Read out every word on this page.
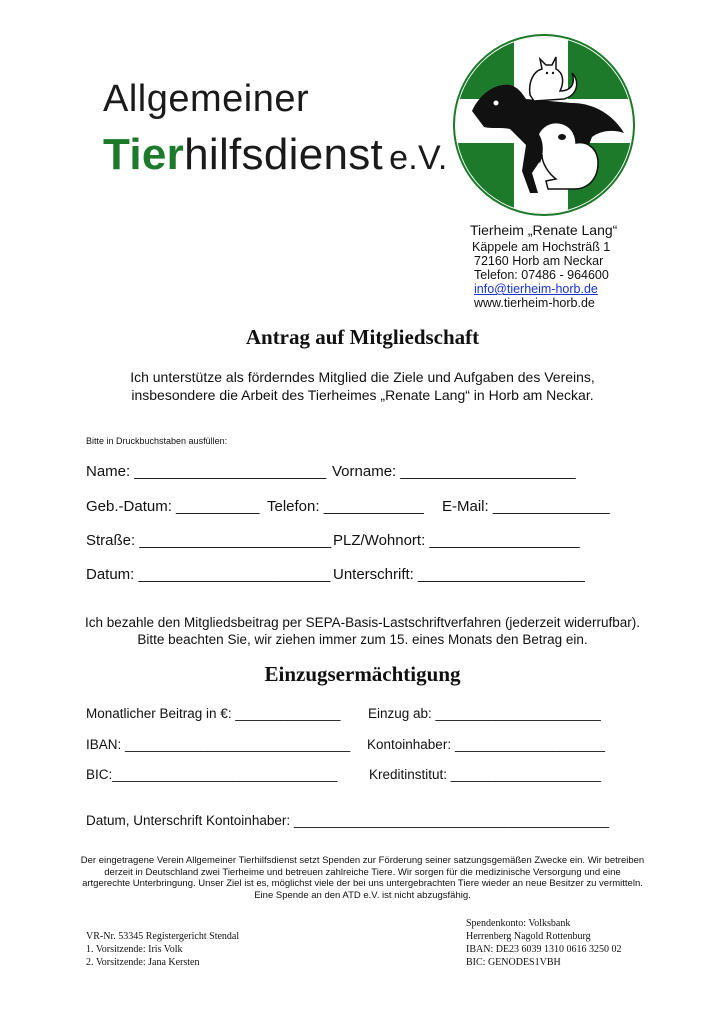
Allgemeiner
Tierhilfsdienst e.V.
Tierheim „Renate Lang“
Käppele am Hochsträß 1
72160 Horb am Neckar
Telefon: 07486 - 964600
info@tierheim-horb.de
www.tierheim-horb.de
Antrag auf Mitgliedschaft
Ich unterstütze als förderndes Mitglied die Ziele und Aufgaben des Vereins,
insbesondere die Arbeit des Tierheimes „Renate Lang“ in Horb am Neckar.
Bitte in Druckbuchstaben ausfüllen:
Name: _______________________ Vorname: _____________________
Geb.-Datum: __________ Telefon: ____________ E-Mail: ______________
Straße: _______________________ PLZ/Wohnort: __________________
Datum: _______________________ Unterschrift: ____________________
Ich bezahle den Mitgliedsbeitrag per SEPA-Basis-Lastschriftverfahren (jederzeit widerrufbar).
Bitte beachten Sie, wir ziehen immer zum 15. eines Monats den Betrag ein.
Einzugsermächtigung
Monatlicher Beitrag in €: ______________ Einzug ab: ______________________
IBAN: ______________________________ Kontoinhaber: ____________________
BIC:______________________________ Kreditinstitut: ____________________
Datum, Unterschrift Kontoinhaber: __________________________________________
Der eingetragene Verein Allgemeiner Tierhilfsdienst setzt Spenden zur Förderung seiner satzungsgemäßen Zwecke ein. Wir betreiben derzeit in Deutschland zwei Tierheime und betreuen zahlreiche Tiere. Wir sorgen für die medizinische Versorgung und eine artgerechte Unterbringung. Unser Ziel ist es, möglichst viele der bei uns untergebrachten Tiere wieder an neue Besitzer zu vermitteln. Eine Spende an den ATD e.V. ist nicht abzugsfähig.
VR-Nr. 53345 Registergericht Stendal
1. Vorsitzende: Iris Volk
2. Vorsitzende: Jana Kersten
Spendenkonto: Volksbank
Herrenberg Nagold Rottenburg
IBAN: DE23 6039 1310 0616 3250 02
BIC: GENODES1VBH
